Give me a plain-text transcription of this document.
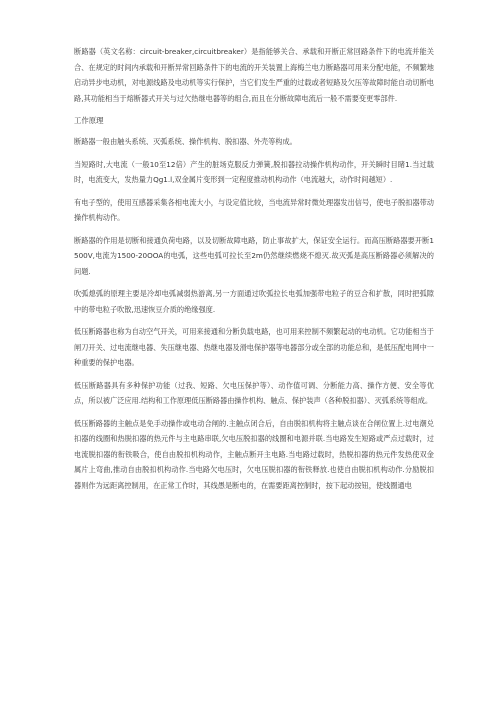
断路器（英文名称：circuit-breaker,circuitbreaker）是指能够关合、承载和开断正常回路条件下的电流并能关合、在规定的时间内承载和开断异常回路条件下的电流的开关装置上海梅兰电力断路器可用来分配电能，不频繁地启动异步电动机，对电源线路及电动机等实行保护，当它们发生严重的过载或者短路及欠压等故障时能自动切断电路,其功能相当于熔断器式开关与过欠热继电器等的组合,而且在分断故障电流后一般不需要变更零部件.

工作原理

断路器一般由触头系统、灭弧系统、操作机构、脱扣器、外壳等构成。

当短路时,大电流（一般10至12倍）产生的脏场克服反力弹簧,脱扣器拉动操作机构动作，开关瞬时目睹1.当过载时，电流变大，发热量力Qg1.l,双金属片变形到一定程度推动机构动作（电流越大，动作时间越短）.

有电子型的，使用互感器采集各相电流大小，与设定值比较，当电流异常时微处理器发出信号，使电子脱扣器带动操作机构动作。

断路器的作用是切断和接通负荷电路，以及切断故障电路，防止事故扩大，保证安全运行。而高压断路器要开断1500V,电流为1500-20OOA的电弧，这些电弧可拉长至2m仍然继续燃烧不熄灭.故灭弧是高压断路器必须解决的问题.

吹弧熄弧的原理主要是冷却电弧减弱热游离,另一方面通过吹弧拉长电弧加强带电粒子的豆合和扩散，同时把弧隙中的带电粒子吹散,迅速恢豆介质的绝缘强度.

低压断路器也称为自动空气开关，可用来接通和分断负载电路，也可用来控制不频繁起动的电动机。它功能相当于闸刀开关、过电流继电器、失压继电器、热继电器及滑电保护器等电器部分或全部的功能总和，是低压配电网中一种重要的保护电器。

低压断路器具有多种保护功能（过我、短路、欠电压保护等）、动作值可调、分断能力高、操作方便、安全等优点，所以被广泛应用.结构和工作原理低压断路器由操作机构、触点、保护装声（各种脱扣器）、灭弧系统等组成。

低压断路器的主触点是免手动操作或电动合闸的.主触点闭合后，自由脱扣机构将主触点谈在合闸位置上.过电潮兑扣器的线圈和热脱扣器的热元件与主电路串联,欠电压脱扣器的线圈和电源并联.当电路发生短路或严点过载时，过电流脱扣器的衔铁吸合，使自由脱扣机构动作，主触点断开主电路.当电路过载时，热脱扣器的热元件发热使双金属片上弯曲,推动自由脱扣机构动作.当电路欠电压时，欠电压脱扣器的衔铁释放.也使自由脱扣机构动作.分励脱扣器则作为远距离控制用，在正常工作时，其线愚是断电的，在需要距离控制时，按下起动按钮，使线圈通电
